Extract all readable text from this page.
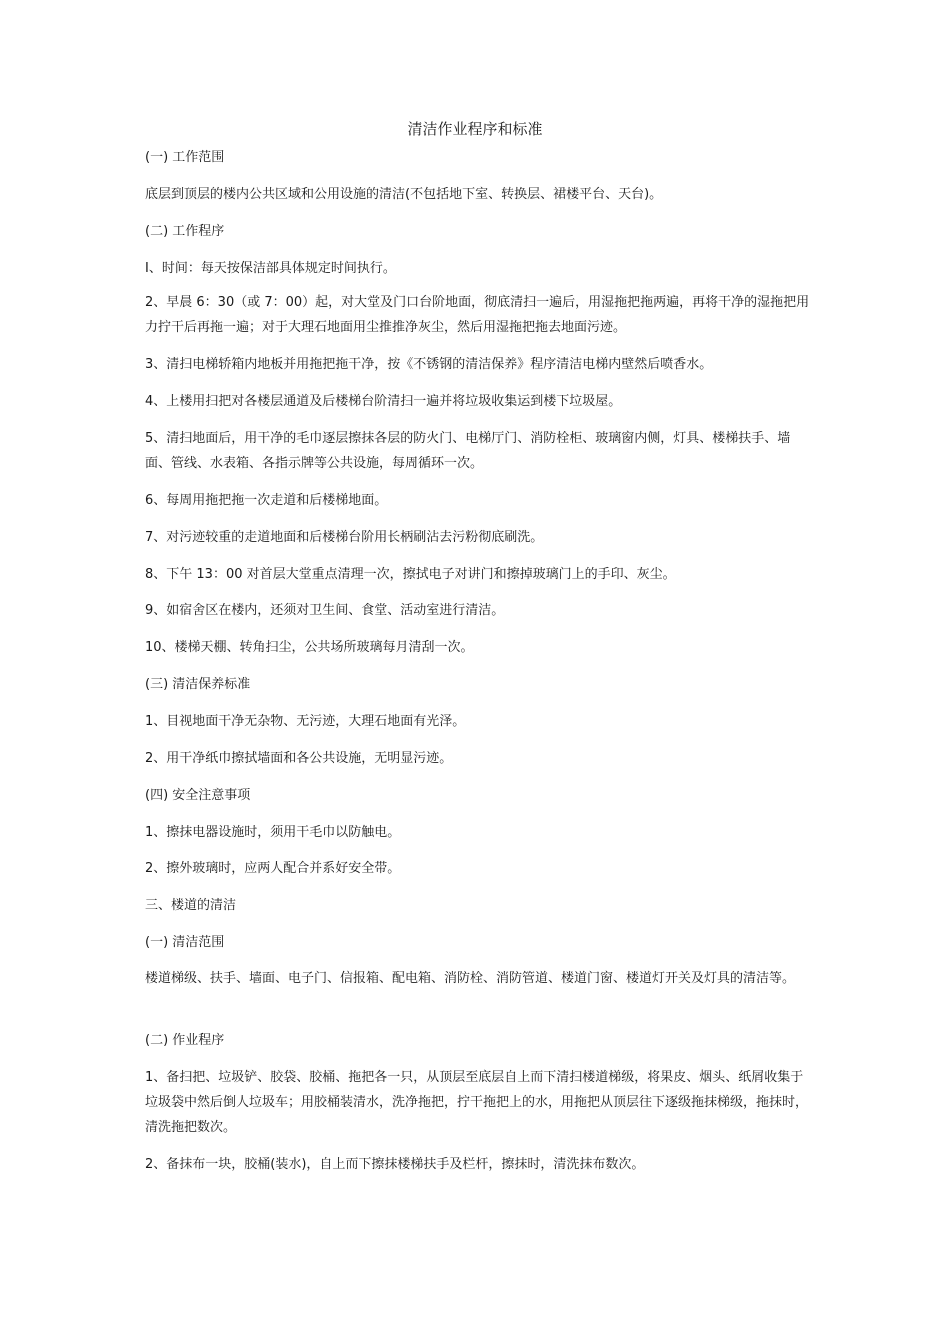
清洁作业程序和标准
(一) 工作范围
底层到顶层的楼内公共区域和公用设施的清洁(不包括地下室、转换层、裙楼平台、天台)。
(二) 工作程序
Ⅰ、时间：每天按保洁部具体规定时间执行。
2、早晨 6：30（或 7：00）起，对大堂及门口台阶地面，彻底清扫一遍后，用湿拖把拖两遍，再将干净的湿拖把用力拧干后再拖一遍；对于大理石地面用尘推推净灰尘，然后用湿拖把拖去地面污迹。
3、清扫电梯轿箱内地板并用拖把拖干净，按《不锈钢的清洁保养》程序清洁电梯内壁然后喷香水。
4、上楼用扫把对各楼层通道及后楼梯台阶清扫一遍并将垃圾收集运到楼下垃圾屋。
5、清扫地面后，用干净的毛巾逐层擦抹各层的防火门、电梯厅门、消防栓柜、玻璃窗内侧，灯具、楼梯扶手、墙面、管线、水表箱、各指示牌等公共设施，每周循环一次。
6、每周用拖把拖一次走道和后楼梯地面。
7、对污迹较重的走道地面和后楼梯台阶用长柄刷沾去污粉彻底刷洗。
8、下午 13：00 对首层大堂重点清理一次，擦拭电子对讲门和擦掉玻璃门上的手印、灰尘。
9、如宿舍区在楼内，还须对卫生间、食堂、活动室进行清洁。
10、楼梯天棚、转角扫尘，公共场所玻璃每月清刮一次。
(三) 清洁保养标准
1、目视地面干净无杂物、无污迹，大理石地面有光泽。
2、用干净纸巾擦拭墙面和各公共设施，无明显污迹。
(四) 安全注意事项
1、擦抹电器设施时，须用干毛巾以防触电。
2、擦外玻璃时，应两人配合并系好安全带。
三、楼道的清洁
(一) 清洁范围
楼道梯级、扶手、墙面、电子门、信报箱、配电箱、消防栓、消防管道、楼道门窗、楼道灯开关及灯具的清洁等。
(二) 作业程序
1、备扫把、垃圾铲、胶袋、胶桶、拖把各一只，从顶层至底层自上而下清扫楼道梯级，将果皮、烟头、纸屑收集于垃圾袋中然后倒人垃圾车；用胶桶装清水，洗净拖把，拧干拖把上的水，用拖把从顶层往下逐级拖抹梯级，拖抹时，清洗拖把数次。
2、备抹布一块，胶桶(装水)，自上而下擦抹楼梯扶手及栏杆，擦抹时，清洗抹布数次。
